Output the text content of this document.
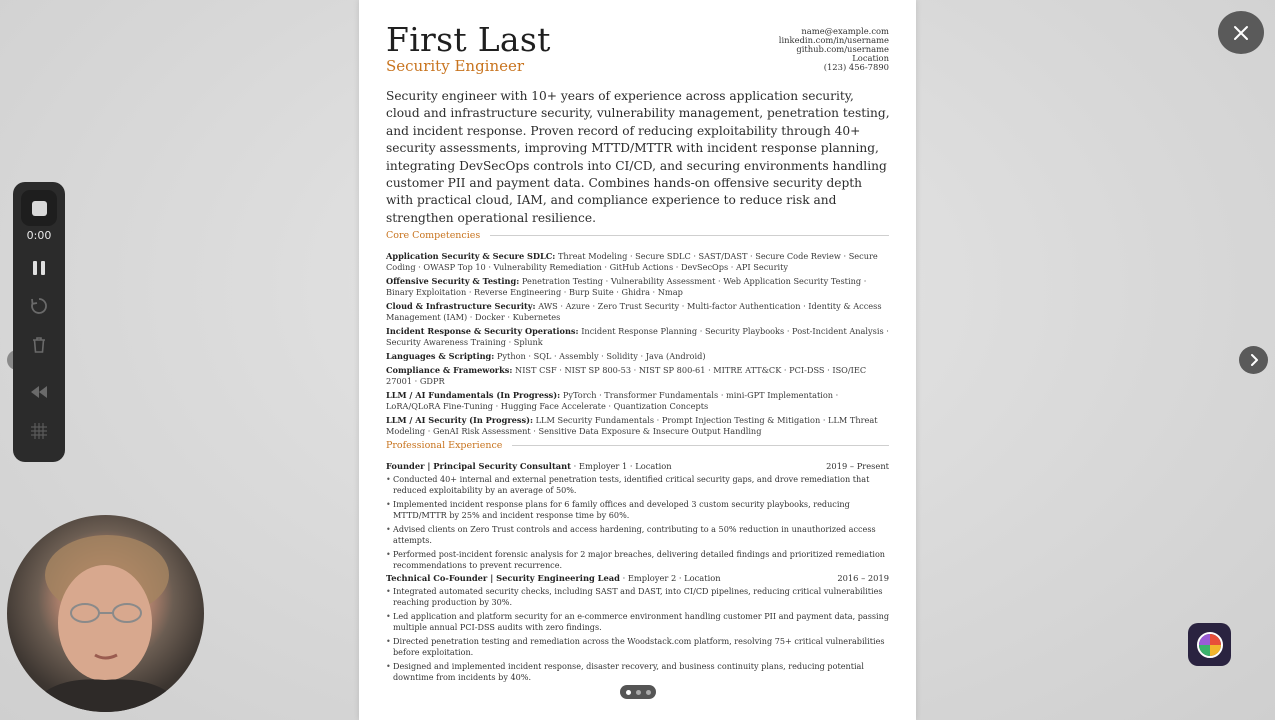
First Last
Security Engineer
name@example.com
linkedin.com/in/username
github.com/username
Location
(123) 456-7890

Security engineer with 10+ years of experience across application security, cloud and infrastructure security, vulnerability management, penetration testing, and incident response. Proven record of reducing exploitability through 40+ security assessments, improving MTTD/MTTR with incident response planning, integrating DevSecOps controls into CI/CD, and securing environments handling customer PII and payment data. Combines hands-on offensive security depth with practical cloud, IAM, and compliance experience to reduce risk and strengthen operational resilience.

Core Competencies
Application Security & Secure SDLC: Threat Modeling · Secure SDLC · SAST/DAST · Secure Code Review · Secure Coding · OWASP Top 10 · Vulnerability Remediation · GitHub Actions · DevSecOps · API Security
Offensive Security & Testing: Penetration Testing · Vulnerability Assessment · Web Application Security Testing · Binary Exploitation · Reverse Engineering · Burp Suite · Ghidra · Nmap
Cloud & Infrastructure Security: AWS · Azure · Zero Trust Security · Multi-factor Authentication · Identity & Access Management (IAM) · Docker · Kubernetes
Incident Response & Security Operations: Incident Response Planning · Security Playbooks · Post-Incident Analysis · Security Awareness Training · Splunk
Languages & Scripting: Python · SQL · Assembly · Solidity · Java (Android)
Compliance & Frameworks: NIST CSF · NIST SP 800-53 · NIST SP 800-61 · MITRE ATT&CK · PCI-DSS · ISO/IEC 27001 · GDPR
LLM / AI Fundamentals (In Progress): PyTorch · Transformer Fundamentals · mini-GPT Implementation · LoRA/QLoRA Fine-Tuning · Hugging Face Accelerate · Quantization Concepts
LLM / AI Security (In Progress): LLM Security Fundamentals · Prompt Injection Testing & Mitigation · LLM Threat Modeling · GenAI Risk Assessment · Sensitive Data Exposure & Insecure Output Handling
Professional Experience
Founder | Principal Security Consultant · Employer 1 · Location	2019 – Present
• Conducted 40+ internal and external penetration tests, identified critical security gaps, and drove remediation that reduced exploitability by an average of 50%.
• Implemented incident response plans for 6 family offices and developed 3 custom security playbooks, reducing MTTD/MTTR by 25% and incident response time by 60%.
• Advised clients on Zero Trust controls and access hardening, contributing to a 50% reduction in unauthorized access attempts.
• Performed post-incident forensic analysis for 2 major breaches, delivering detailed findings and prioritized remediation recommendations to prevent recurrence.
Technical Co-Founder | Security Engineering Lead · Employer 2 · Location	2016 – 2019
• Integrated automated security checks, including SAST and DAST, into CI/CD pipelines, reducing critical vulnerabilities reaching production by 30%.
• Led application and platform security for an e-commerce environment handling customer PII and payment data, passing multiple annual PCI-DSS audits with zero findings.
• Directed penetration testing and remediation across the Woodstack.com platform, resolving 75+ critical vulnerabilities before exploitation.
• Designed and implemented incident response, disaster recovery, and business continuity plans, reducing potential downtime from incidents by 40%.
0:00
